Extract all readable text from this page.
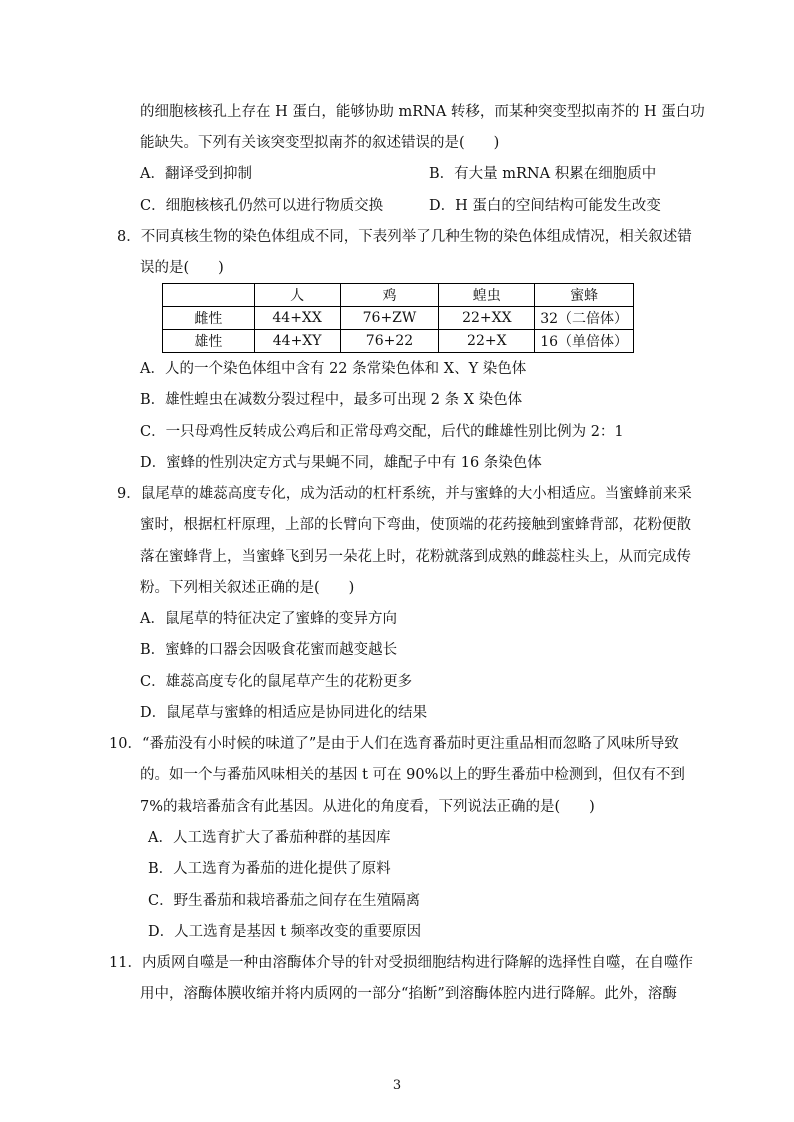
的细胞核核孔上存在 H 蛋白，能够协助 mRNA 转移，而某种突变型拟南芥的 H 蛋白功
能缺失。下列有关该突变型拟南芥的叙述错误的是(　　)
A．翻译受到抑制	B．有大量 mRNA 积累在细胞质中
C．细胞核核孔仍然可以进行物质交换	D．H 蛋白的空间结构可能发生改变
8．不同真核生物的染色体组成不同，下表列举了几种生物的染色体组成情况，相关叙述错
误的是(　　)
	人	鸡	蝗虫	蜜蜂
雌性	44+XX	76+ZW	22+XX	32（二倍体）
雄性	44+XY	76+22	22+X	16（单倍体）
A．人的一个染色体组中含有 22 条常染色体和 X、Y 染色体
B．雄性蝗虫在减数分裂过程中，最多可出现 2 条 X 染色体
C．一只母鸡性反转成公鸡后和正常母鸡交配，后代的雌雄性别比例为 2：1
D．蜜蜂的性别决定方式与果蝇不同，雄配子中有 16 条染色体
9．鼠尾草的雄蕊高度专化，成为活动的杠杆系统，并与蜜蜂的大小相适应。当蜜蜂前来采
蜜时，根据杠杆原理，上部的长臂向下弯曲，使顶端的花药接触到蜜蜂背部，花粉便散
落在蜜蜂背上，当蜜蜂飞到另一朵花上时，花粉就落到成熟的雌蕊柱头上，从而完成传
粉。下列相关叙述正确的是(　　)
A．鼠尾草的特征决定了蜜蜂的变异方向
B．蜜蜂的口器会因吸食花蜜而越变越长
C．雄蕊高度专化的鼠尾草产生的花粉更多
D．鼠尾草与蜜蜂的相适应是协同进化的结果
10．“番茄没有小时候的味道了”是由于人们在选育番茄时更注重品相而忽略了风味所导致
的。如一个与番茄风味相关的基因 t 可在 90%以上的野生番茄中检测到，但仅有不到
7%的栽培番茄含有此基因。从进化的角度看，下列说法正确的是(　　)
A．人工选育扩大了番茄种群的基因库
B．人工选育为番茄的进化提供了原料
C．野生番茄和栽培番茄之间存在生殖隔离
D．人工选育是基因 t 频率改变的重要原因
11．内质网自噬是一种由溶酶体介导的针对受损细胞结构进行降解的选择性自噬，在自噬作
用中，溶酶体膜收缩并将内质网的一部分“掐断”到溶酶体腔内进行降解。此外，溶酶
3
